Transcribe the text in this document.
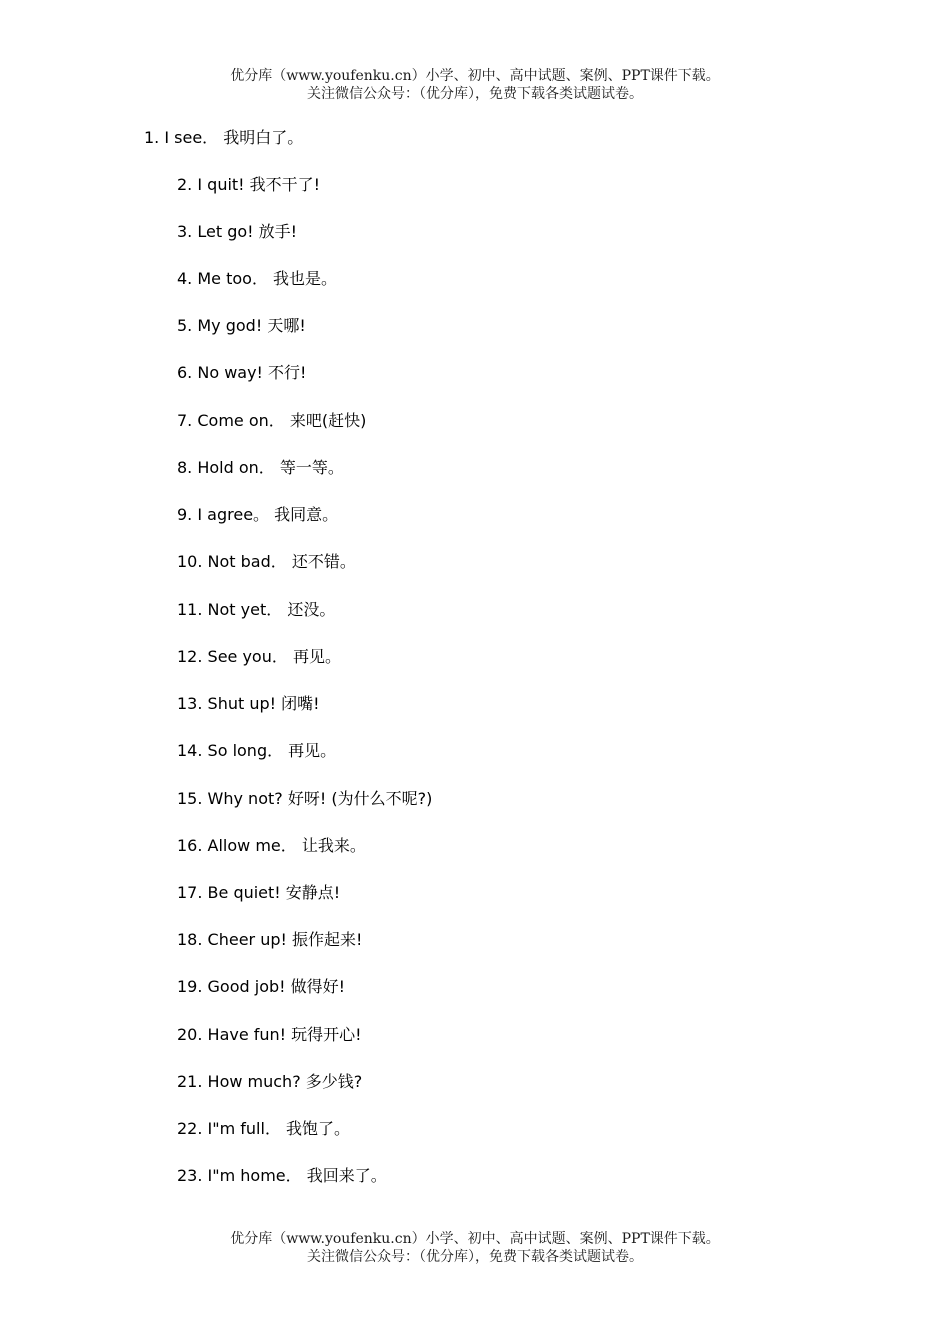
优分库（www.youfenku.cn）小学、初中、高中试题、案例、PPT课件下载。
关注微信公众号：（优分库），免费下载各类试题试卷。
1. I see． 我明白了。
2. I quit! 我不干了!
3. Let go! 放手!
4. Me too． 我也是。
5. My god! 天哪!
6. No way! 不行!
7. Come on． 来吧(赶快)
8. Hold on． 等一等。
9. I agree。 我同意。
10. Not bad． 还不错。
11. Not yet． 还没。
12. See you． 再见。
13. Shut up! 闭嘴!
14. So long． 再见。
15. Why not? 好呀! (为什么不呢?)
16. Allow me． 让我来。
17. Be quiet! 安静点!
18. Cheer up! 振作起来!
19. Good job! 做得好!
20. Have fun! 玩得开心!
21. How much? 多少钱?
22. I"m full． 我饱了。
23. I"m home． 我回来了。
优分库（www.youfenku.cn）小学、初中、高中试题、案例、PPT课件下载。
关注微信公众号：（优分库），免费下载各类试题试卷。
